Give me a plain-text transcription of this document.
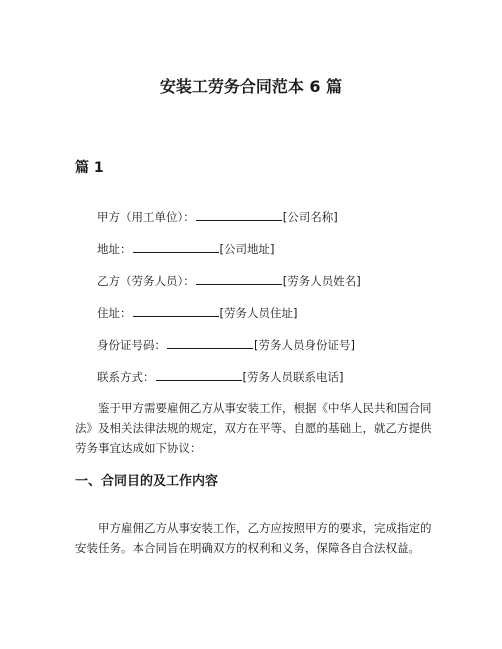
安装工劳务合同范本 6 篇
篇 1

甲方（用工单位）：	[公司名称]

地址：	[公司地址]

乙方（劳务人员）：	[劳务人员姓名]

住址：	[劳务人员住址]

身份证号码：	[劳务人员身份证号]

联系方式：	[劳务人员联系电话]

鉴于甲方需要雇佣乙方从事安装工作，根据《中华人民共和国合同法》及相关法律法规的规定，双方在平等、自愿的基础上，就乙方提供劳务事宜达成如下协议：

一、合同目的及工作内容

甲方雇佣乙方从事安装工作，乙方应按照甲方的要求，完成指定的安装任务。本合同旨在明确双方的权利和义务，保障各自合法权益。
